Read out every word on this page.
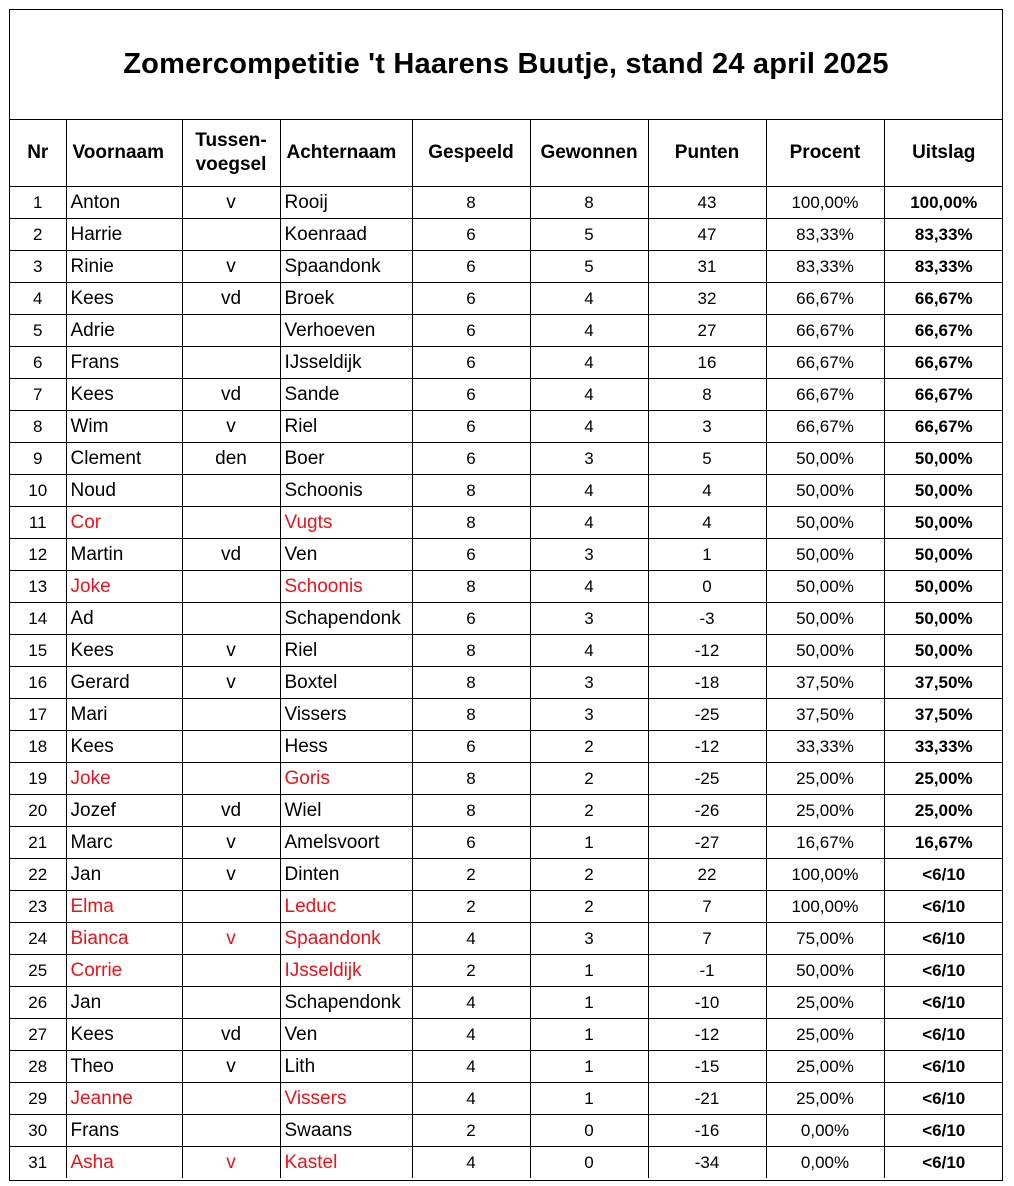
Zomercompetitie 't Haarens Buutje, stand 24 april 2025
Nr	Voornaam	Tussen-
voegsel	Achternaam	Gespeeld	Gewonnen	Punten	Procent	Uitslag
1	Anton	v	Rooij	8	8	43	100,00%	100,00%
2	Harrie		Koenraad	6	5	47	83,33%	83,33%
3	Rinie	v	Spaandonk	6	5	31	83,33%	83,33%
4	Kees	vd	Broek	6	4	32	66,67%	66,67%
5	Adrie		Verhoeven	6	4	27	66,67%	66,67%
6	Frans		IJsseldijk	6	4	16	66,67%	66,67%
7	Kees	vd	Sande	6	4	8	66,67%	66,67%
8	Wim	v	Riel	6	4	3	66,67%	66,67%
9	Clement	den	Boer	6	3	5	50,00%	50,00%
10	Noud		Schoonis	8	4	4	50,00%	50,00%
11	Cor		Vugts	8	4	4	50,00%	50,00%
12	Martin	vd	Ven	6	3	1	50,00%	50,00%
13	Joke		Schoonis	8	4	0	50,00%	50,00%
14	Ad		Schapendonk	6	3	-3	50,00%	50,00%
15	Kees	v	Riel	8	4	-12	50,00%	50,00%
16	Gerard	v	Boxtel	8	3	-18	37,50%	37,50%
17	Mari		Vissers	8	3	-25	37,50%	37,50%
18	Kees		Hess	6	2	-12	33,33%	33,33%
19	Joke		Goris	8	2	-25	25,00%	25,00%
20	Jozef	vd	Wiel	8	2	-26	25,00%	25,00%
21	Marc	v	Amelsvoort	6	1	-27	16,67%	16,67%
22	Jan	v	Dinten	2	2	22	100,00%	<6/10
23	Elma		Leduc	2	2	7	100,00%	<6/10
24	Bianca	v	Spaandonk	4	3	7	75,00%	<6/10
25	Corrie		IJsseldijk	2	1	-1	50,00%	<6/10
26	Jan		Schapendonk	4	1	-10	25,00%	<6/10
27	Kees	vd	Ven	4	1	-12	25,00%	<6/10
28	Theo	v	Lith	4	1	-15	25,00%	<6/10
29	Jeanne		Vissers	4	1	-21	25,00%	<6/10
30	Frans		Swaans	2	0	-16	0,00%	<6/10
31	Asha	v	Kastel	4	0	-34	0,00%	<6/10
